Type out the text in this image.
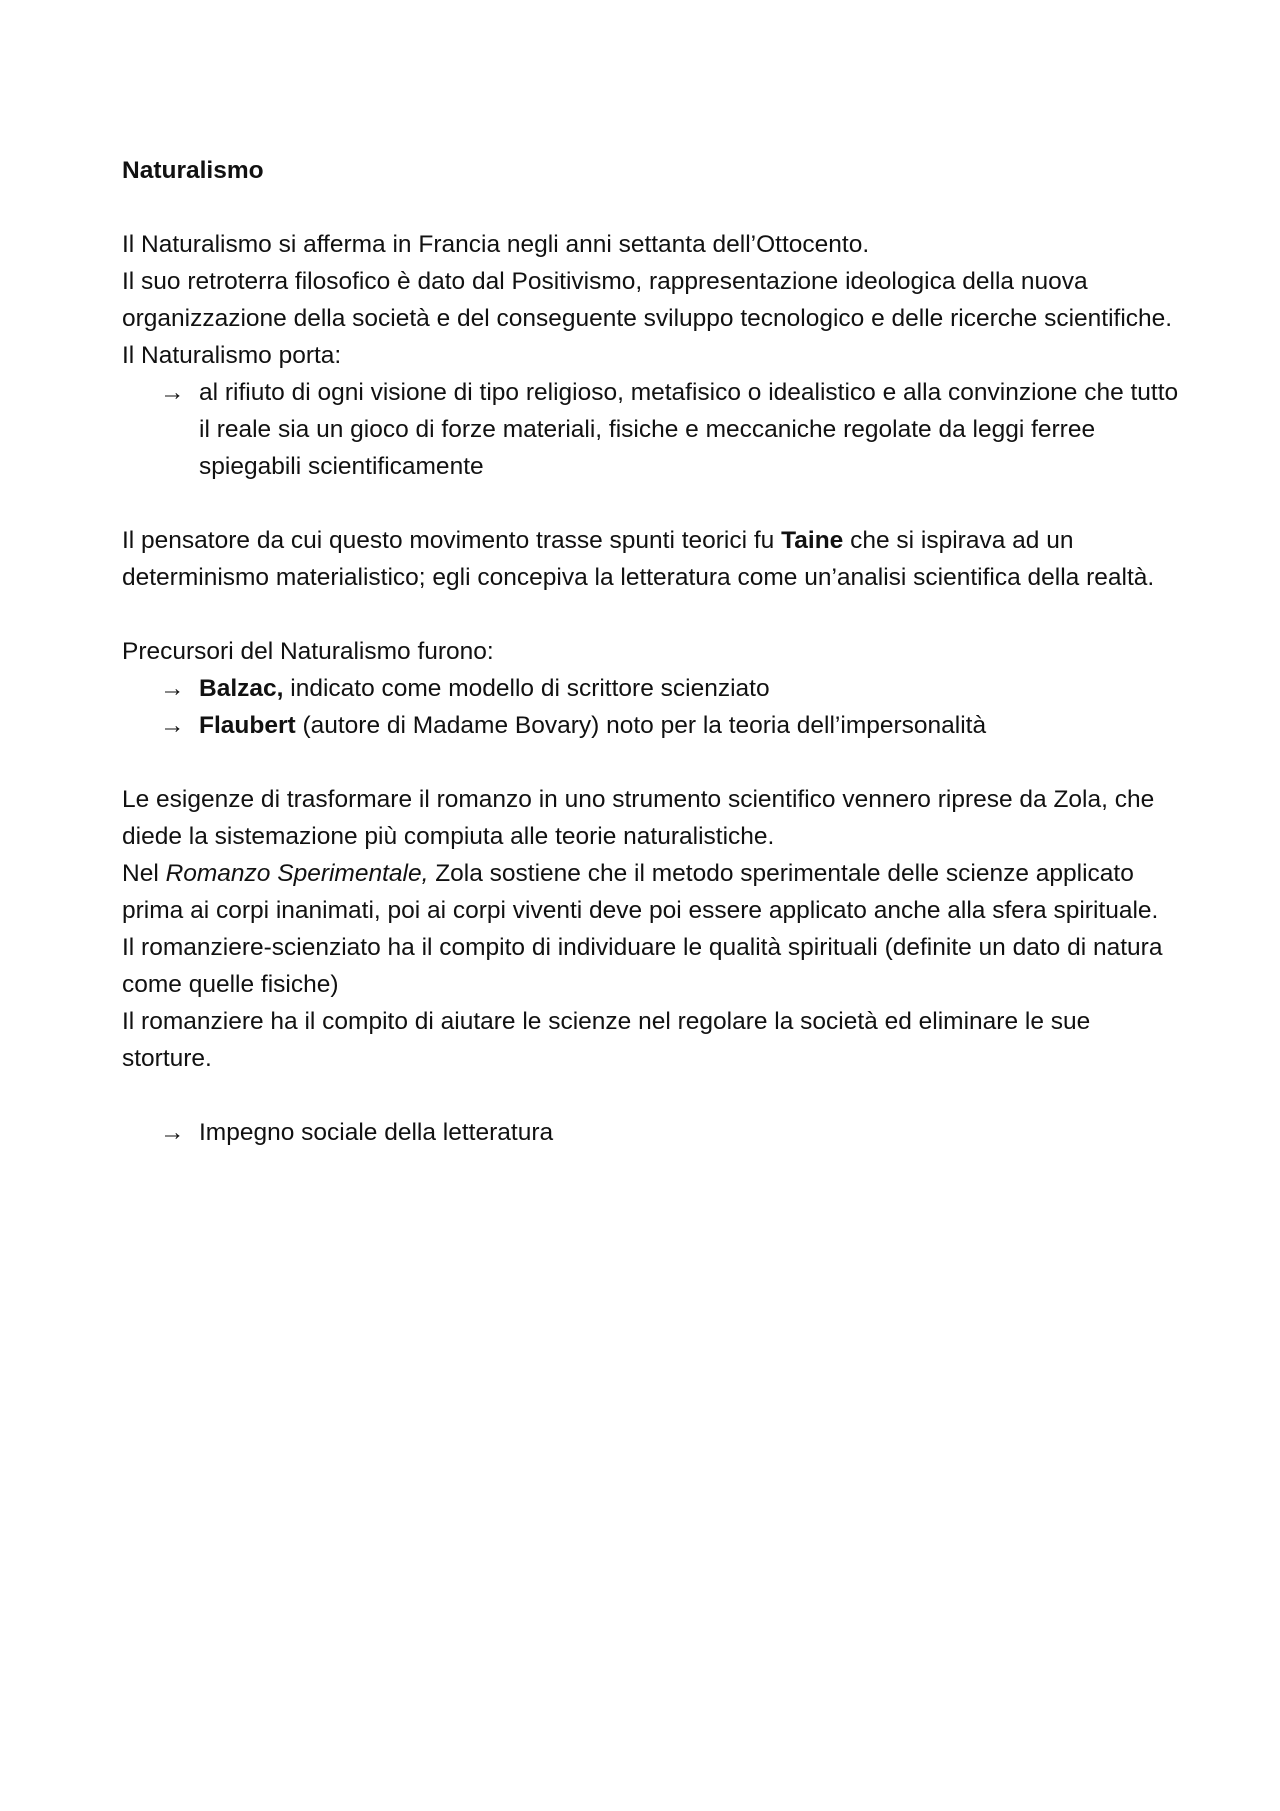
Naturalismo

Il Naturalismo si afferma in Francia negli anni settanta dell’Ottocento.

Il suo retroterra filosofico è dato dal Positivismo, rappresentazione ideologica della nuova organizzazione della società e del conseguente sviluppo tecnologico e delle ricerche scientifiche.

Il Naturalismo porta:

→ al rifiuto di ogni visione di tipo religioso, metafisico o idealistico e alla convinzione che tutto il reale sia un gioco di forze materiali, fisiche e meccaniche regolate da leggi ferree spiegabili scientificamente

Il pensatore da cui questo movimento trasse spunti teorici fu Taine che si ispirava ad un determinismo materialistico; egli concepiva la letteratura come un’analisi scientifica della realtà.

Precursori del Naturalismo furono:

→ Balzac, indicato come modello di scrittore scienziato
→ Flaubert (autore di Madame Bovary) noto per la teoria dell’impersonalità

Le esigenze di trasformare il romanzo in uno strumento scientifico vennero riprese da Zola, che diede la sistemazione più compiuta alle teorie naturalistiche.

Nel Romanzo Sperimentale, Zola sostiene che il metodo sperimentale delle scienze applicato prima ai corpi inanimati, poi ai corpi viventi deve poi essere applicato anche alla sfera spirituale.

Il romanziere-scienziato ha il compito di individuare le qualità spirituali (definite un dato di natura come quelle fisiche)

Il romanziere ha il compito di aiutare le scienze nel regolare la società ed eliminare le sue storture.

→ Impegno sociale della letteratura
